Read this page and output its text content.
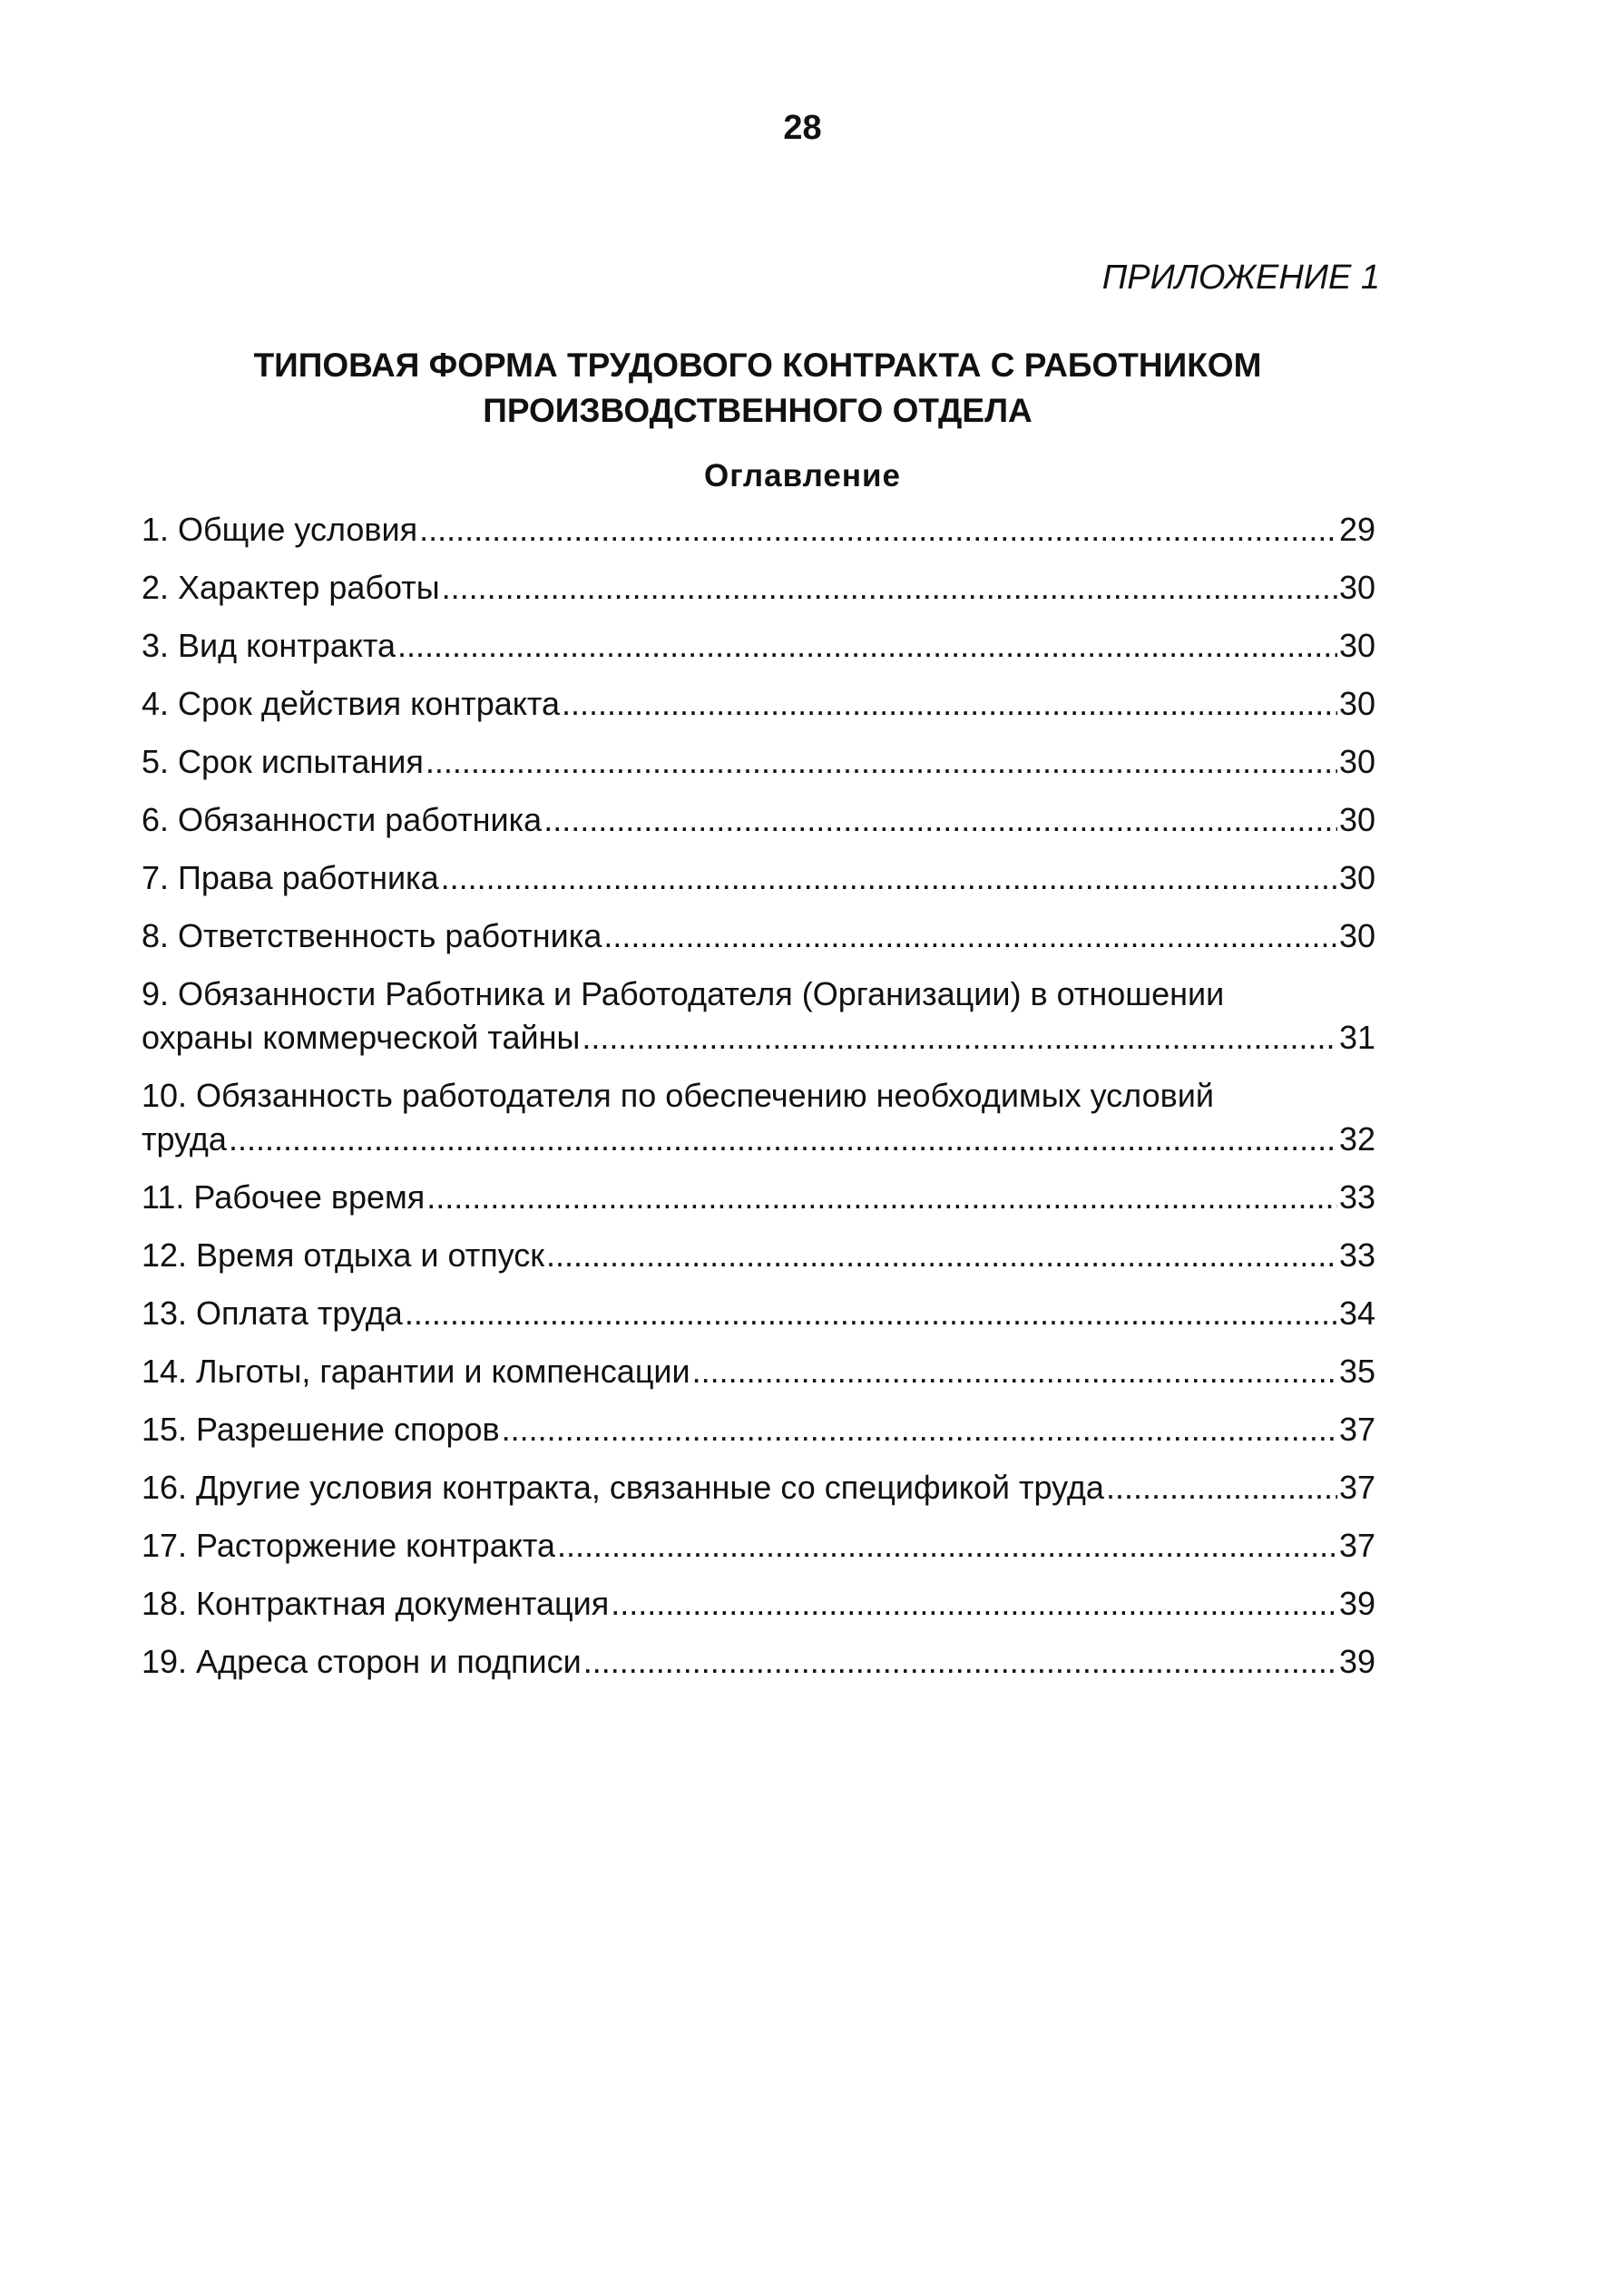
28
ПРИЛОЖЕНИЕ 1
ТИПОВАЯ ФОРМА ТРУДОВОГО КОНТРАКТА С РАБОТНИКОМ
ПРОИЗВОДСТВЕННОГО ОТДЕЛА
Оглавление
1. Общие условия .....	29
2. Характер работы .....	30
3. Вид контракта .....	30
4. Срок действия контракта .....	30
5. Срок испытания .....	30
6. Обязанности работника .....	30
7. Права работника .....	30
8. Ответственность работника .....	30
9. Обязанности Работника и Работодателя (Организации) в отношении
охраны коммерческой тайны .....	31
10. Обязанность работодателя по обеспечению необходимых условий
труда .....	32
11. Рабочее время .....	33
12. Время отдыха и отпуск .....	33
13. Оплата труда .....	34
14. Льготы, гарантии и компенсации .....	35
15. Разрешение споров .....	37
16. Другие условия контракта, связанные со спецификой труда .....	37
17. Расторжение контракта .....	37
18. Контрактная документация .....	39
19. Адреса сторон и подписи .....	39
